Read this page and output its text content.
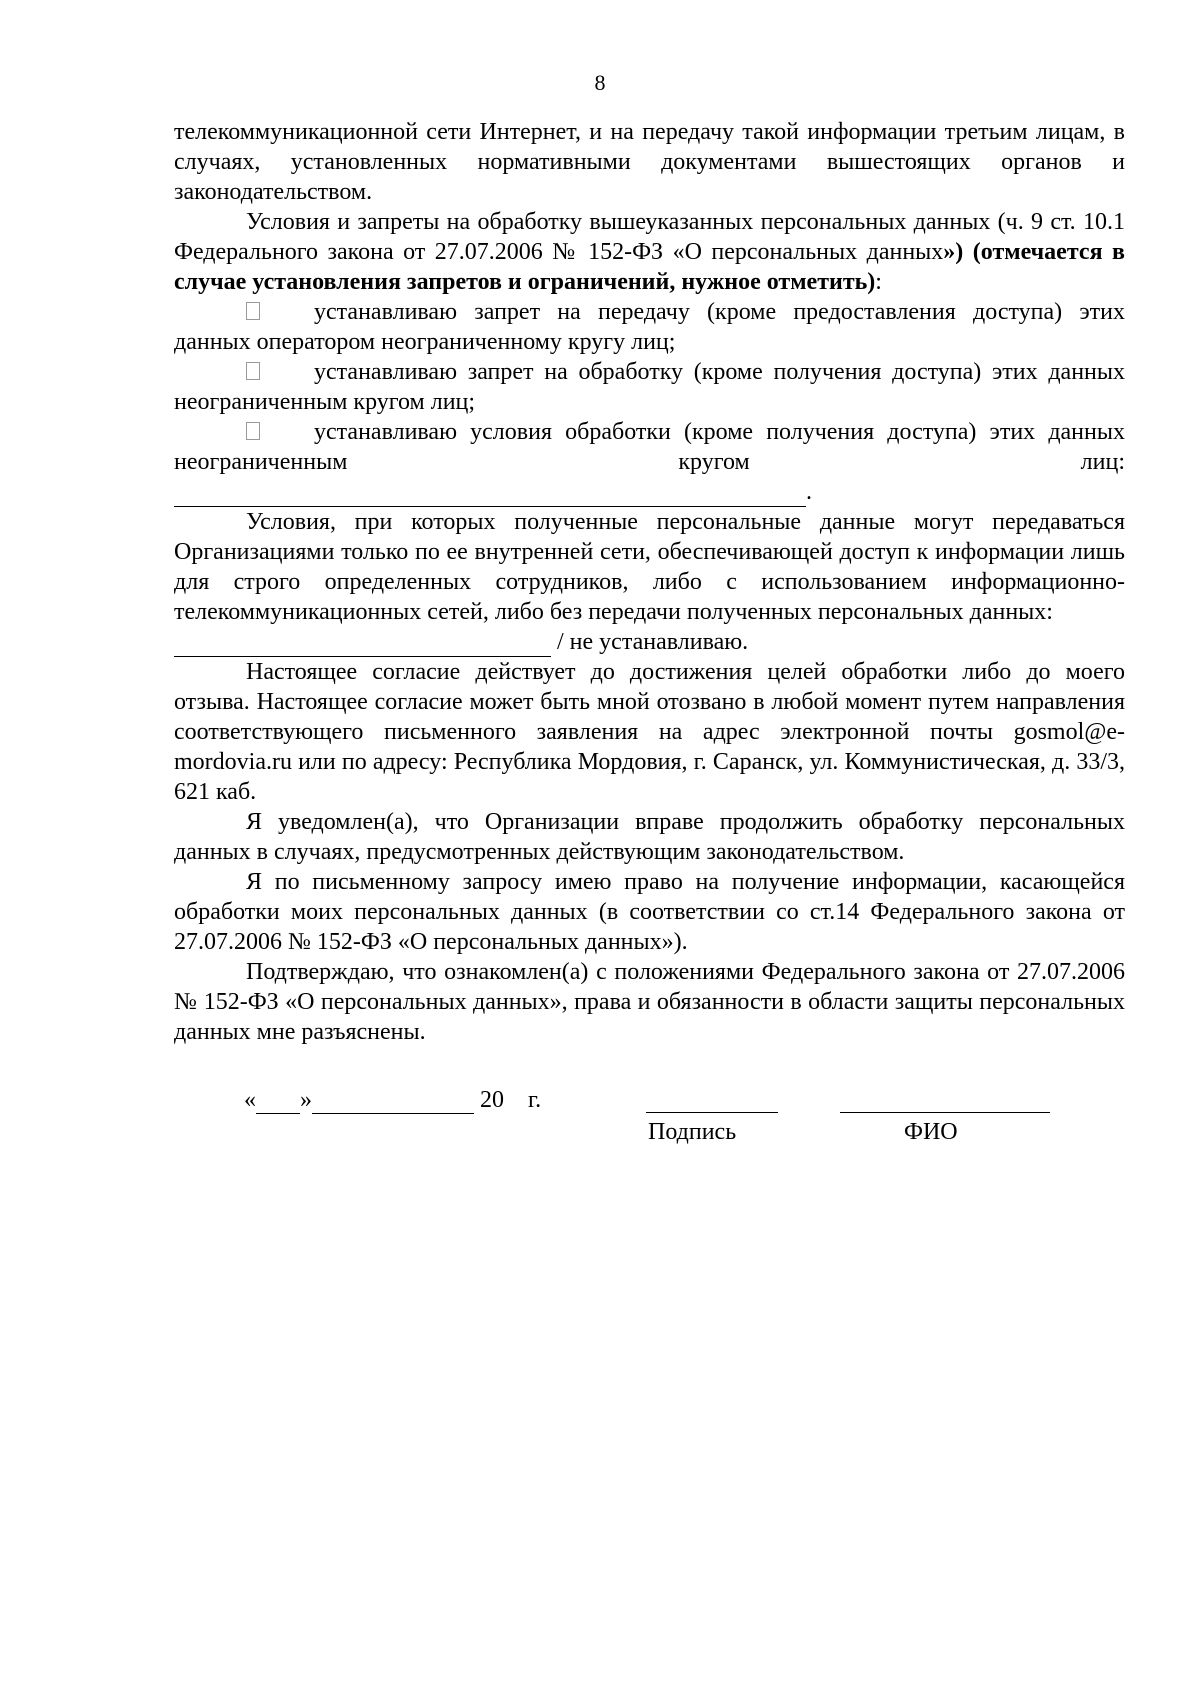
8

телекоммуникационной сети Интернет, и на передачу такой информации третьим лицам, в случаях, установленных нормативными документами вышестоящих органов и законодательством.

Условия и запреты на обработку вышеуказанных персональных данных (ч. 9 ст. 10.1 Федерального закона от 27.07.2006 № 152-ФЗ «О персональных данных») (отмечается в случае установления запретов и ограничений, нужное отметить):

устанавливаю запрет на передачу (кроме предоставления доступа) этих данных оператором неограниченному кругу лиц;

устанавливаю запрет на обработку (кроме получения доступа) этих данных неограниченным кругом лиц;

устанавливаю условия обработки (кроме получения доступа) этих данных

неограниченным кругом лиц:

.

Условия, при которых полученные персональные данные могут передаваться Организациями только по ее внутренней сети, обеспечивающей доступ к информации лишь для строго определенных сотрудников, либо с использованием информационно-телекоммуникационных сетей, либо без передачи полученных персональных данных:

/ не устанавливаю.

Настоящее согласие действует до достижения целей обработки либо до моего отзыва. Настоящее согласие может быть мной отозвано в любой момент путем направления соответствующего письменного заявления на адрес электронной почты gosmol@e-mordovia.ru или по адресу: Республика Мордовия, г. Саранск, ул. Коммунистическая, д. 33/3, 621 каб.

Я уведомлен(а), что Организации вправе продолжить обработку персональных данных в случаях, предусмотренных действующим законодательством.

Я по письменному запросу имею право на получение информации, касающейся обработки моих персональных данных (в соответствии со ст.14 Федерального закона от 27.07.2006 № 152-ФЗ «О персональных данных»).

Подтверждаю, что ознакомлен(а) с положениями Федерального закона от 27.07.2006 № 152-ФЗ «О персональных данных», права и обязанности в области защиты персональных данных мне разъяснены.

« »	20 г.
Подпись	ФИО
